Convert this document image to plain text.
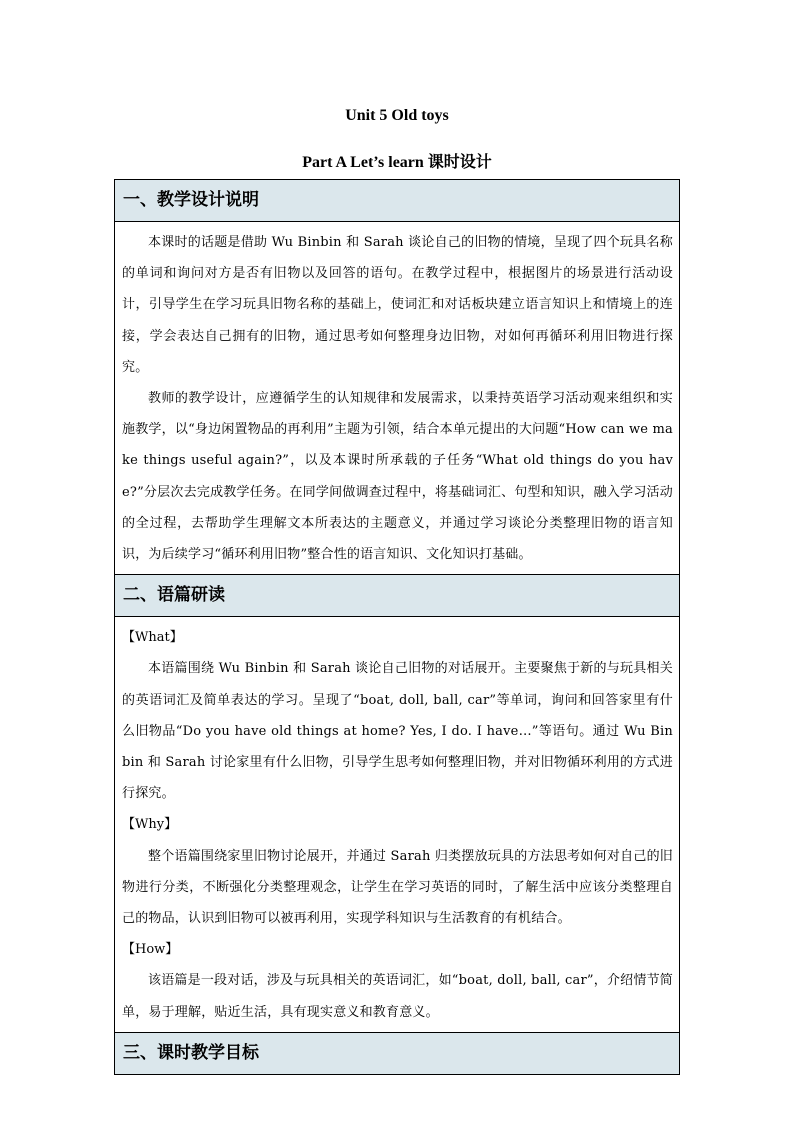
Unit 5 Old toys
Part A Let’s learn 课时设计
一、教学设计说明

本课时的话题是借助 Wu Binbin 和 Sarah 谈论自己的旧物的情境，呈现了四个玩具名称的单词和询问对方是否有旧物以及回答的语句。在教学过程中，根据图片的场景进行活动设计，引导学生在学习玩具旧物名称的基础上，使词汇和对话板块建立语言知识上和情境上的连接，学会表达自己拥有的旧物，通过思考如何整理身边旧物，对如何再循环利用旧物进行探究。

教师的教学设计，应遵循学生的认知规律和发展需求，以秉持英语学习活动观来组织和实施教学，以“身边闲置物品的再利用”主题为引领，结合本单元提出的大问题“How can we make things useful again?”，以及本课时所承载的子任务“What old things do you have?”分层次去完成教学任务。在同学间做调查过程中，将基础词汇、句型和知识，融入学习活动的全过程，去帮助学生理解文本所表达的主题意义，并通过学习谈论分类整理旧物的语言知识，为后续学习“循环利用旧物”整合性的语言知识、文化知识打基础。

二、语篇研读

【What】

本语篇围绕 Wu Binbin 和 Sarah 谈论自己旧物的对话展开。主要聚焦于新的与玩具相关的英语词汇及简单表达的学习。呈现了“boat, doll, ball, car”等单词，询问和回答家里有什么旧物品“Do you have old things at home? Yes, I do. I have…”等语句。通过 Wu Binbin 和 Sarah 讨论家里有什么旧物，引导学生思考如何整理旧物，并对旧物循环利用的方式进行探究。

【Why】

整个语篇围绕家里旧物讨论展开，并通过 Sarah 归类摆放玩具的方法思考如何对自己的旧物进行分类，不断强化分类整理观念，让学生在学习英语的同时，了解生活中应该分类整理自己的物品，认识到旧物可以被再利用，实现学科知识与生活教育的有机结合。

【How】

该语篇是一段对话，涉及与玩具相关的英语词汇，如“boat, doll, ball, car”，介绍情节简单，易于理解，贴近生活，具有现实意义和教育意义。

三、课时教学目标
